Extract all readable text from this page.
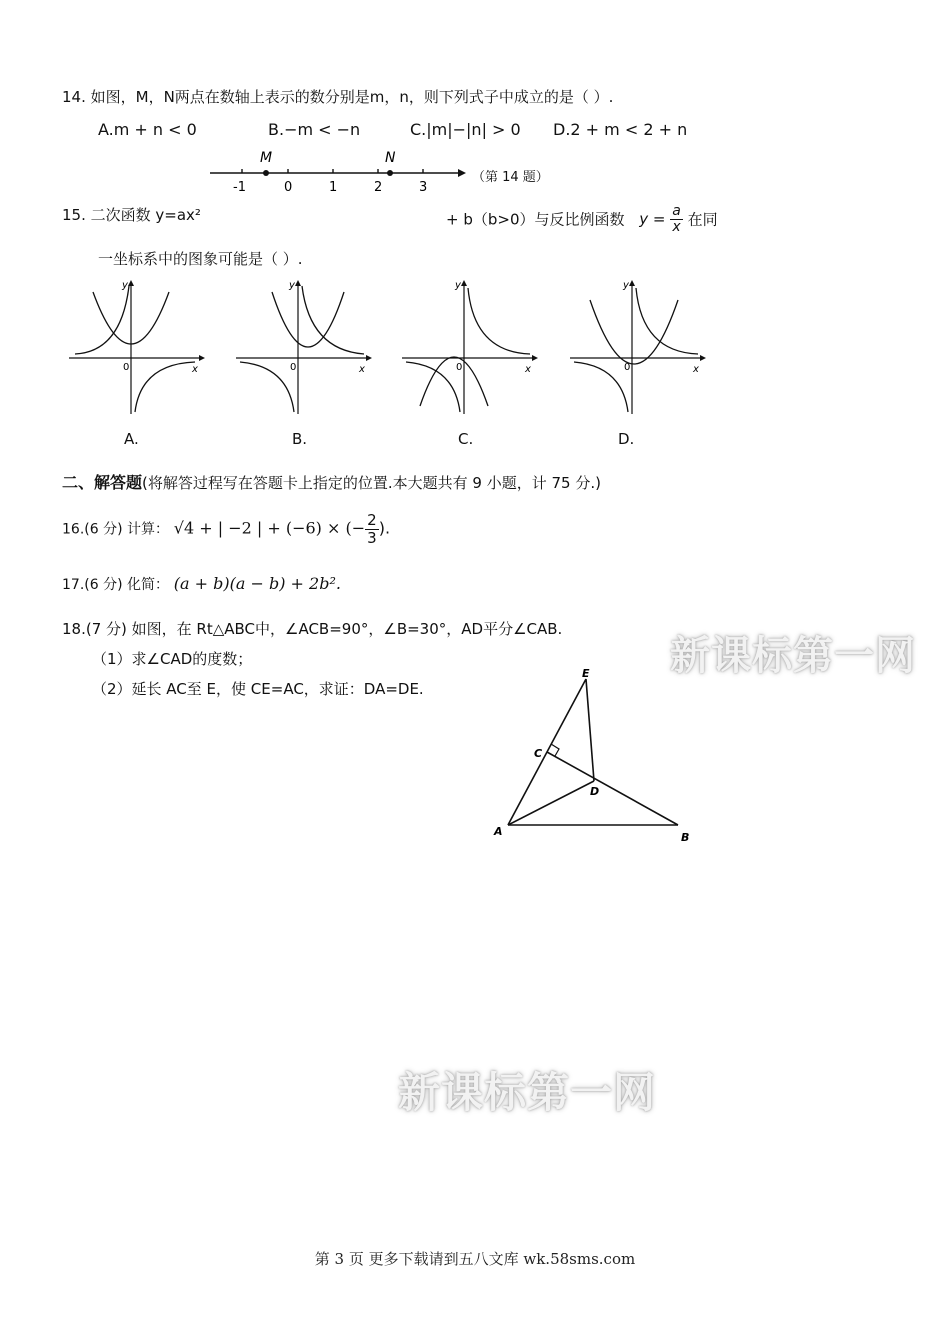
14. 如图，M，N两点在数轴上表示的数分别是m，n，则下列式子中成立的是（ ）.
A.m + n < 0	B.−m < −n	C.|m|−|n| > 0 D.2 + m < 2 + n
M	N
-1	0	1	2	3
（第 14 题）
15. 二次函数 y=ax²	+ b（b>0）与反比例函数 $y = \frac{a}{x}$ 在同
一坐标系中的图象可能是（ ）.
y
x
0
A.
y
x
0
B.
y
x
0
C.
y
x
0
D.
二、解答题(将解答过程写在答题卡上指定的位置.本大题共有 9 小题，计 75 分.)
16.(6 分) 计算： √4 + | −2 | + (−6) × (− $\frac{2}{3}$ ).
17.(6 分) 化简： (a + b)(a − b) + 2b².
18.(7 分) 如图，在 Rt△ABC中，∠ACB=90°，∠B=30°，AD平分∠CAB.
（1）求∠CAD的度数；
（2）延长 AC至 E，使 CE=AC，求证：DA=DE.
E
C
D
A	B
新课标第一网
新课标第一网
第 3 页 更多下载请到五八文库 wk.58sms.com
